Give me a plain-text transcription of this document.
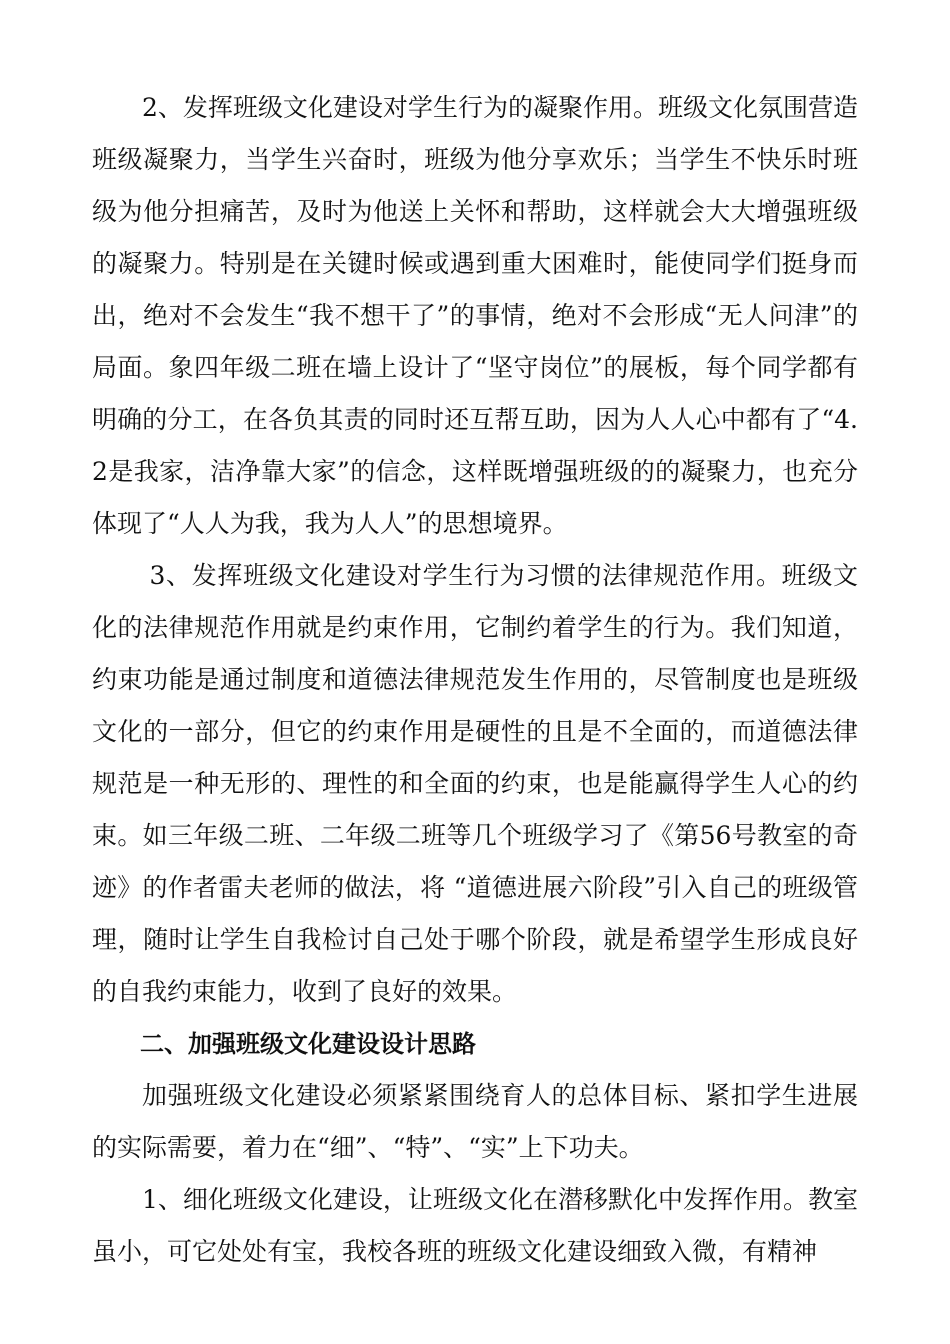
2、发挥班级文化建设对学生行为的凝聚作用。班级文化氛围营造班级凝聚力，当学生兴奋时，班级为他分享欢乐；当学生不快乐时班级为他分担痛苦，及时为他送上关怀和帮助，这样就会大大增强班级的凝聚力。特别是在关键时候或遇到重大困难时，能使同学们挺身而出，绝对不会发生“我不想干了”的事情，绝对不会形成“无人问津”的局面。象四年级二班在墙上设计了“坚守岗位”的展板，每个同学都有明确的分工，在各负其责的同时还互帮互助，因为人人心中都有了“4.2是我家，洁净靠大家”的信念，这样既增强班级的的凝聚力，也充分体现了“人人为我，我为人人”的思想境界。

3、发挥班级文化建设对学生行为习惯的法律规范作用。班级文化的法律规范作用就是约束作用，它制约着学生的行为。我们知道，约束功能是通过制度和道德法律规范发生作用的，尽管制度也是班级文化的一部分，但它的约束作用是硬性的且是不全面的，而道德法律规范是一种无形的、理性的和全面的约束，也是能赢得学生人心的约束。如三年级二班、二年级二班等几个班级学习了《第56号教室的奇迹》的作者雷夫老师的做法，将 “道德进展六阶段”引入自己的班级管理，随时让学生自我检讨自己处于哪个阶段，就是希望学生形成良好的自我约束能力，收到了良好的效果。

二、加强班级文化建设设计思路

加强班级文化建设必须紧紧围绕育人的总体目标、紧扣学生进展的实际需要，着力在“细”、“特”、“实”上下功夫。

1、细化班级文化建设，让班级文化在潜移默化中发挥作用。教室虽小，可它处处有宝，我校各班的班级文化建设细致入微，有精神
